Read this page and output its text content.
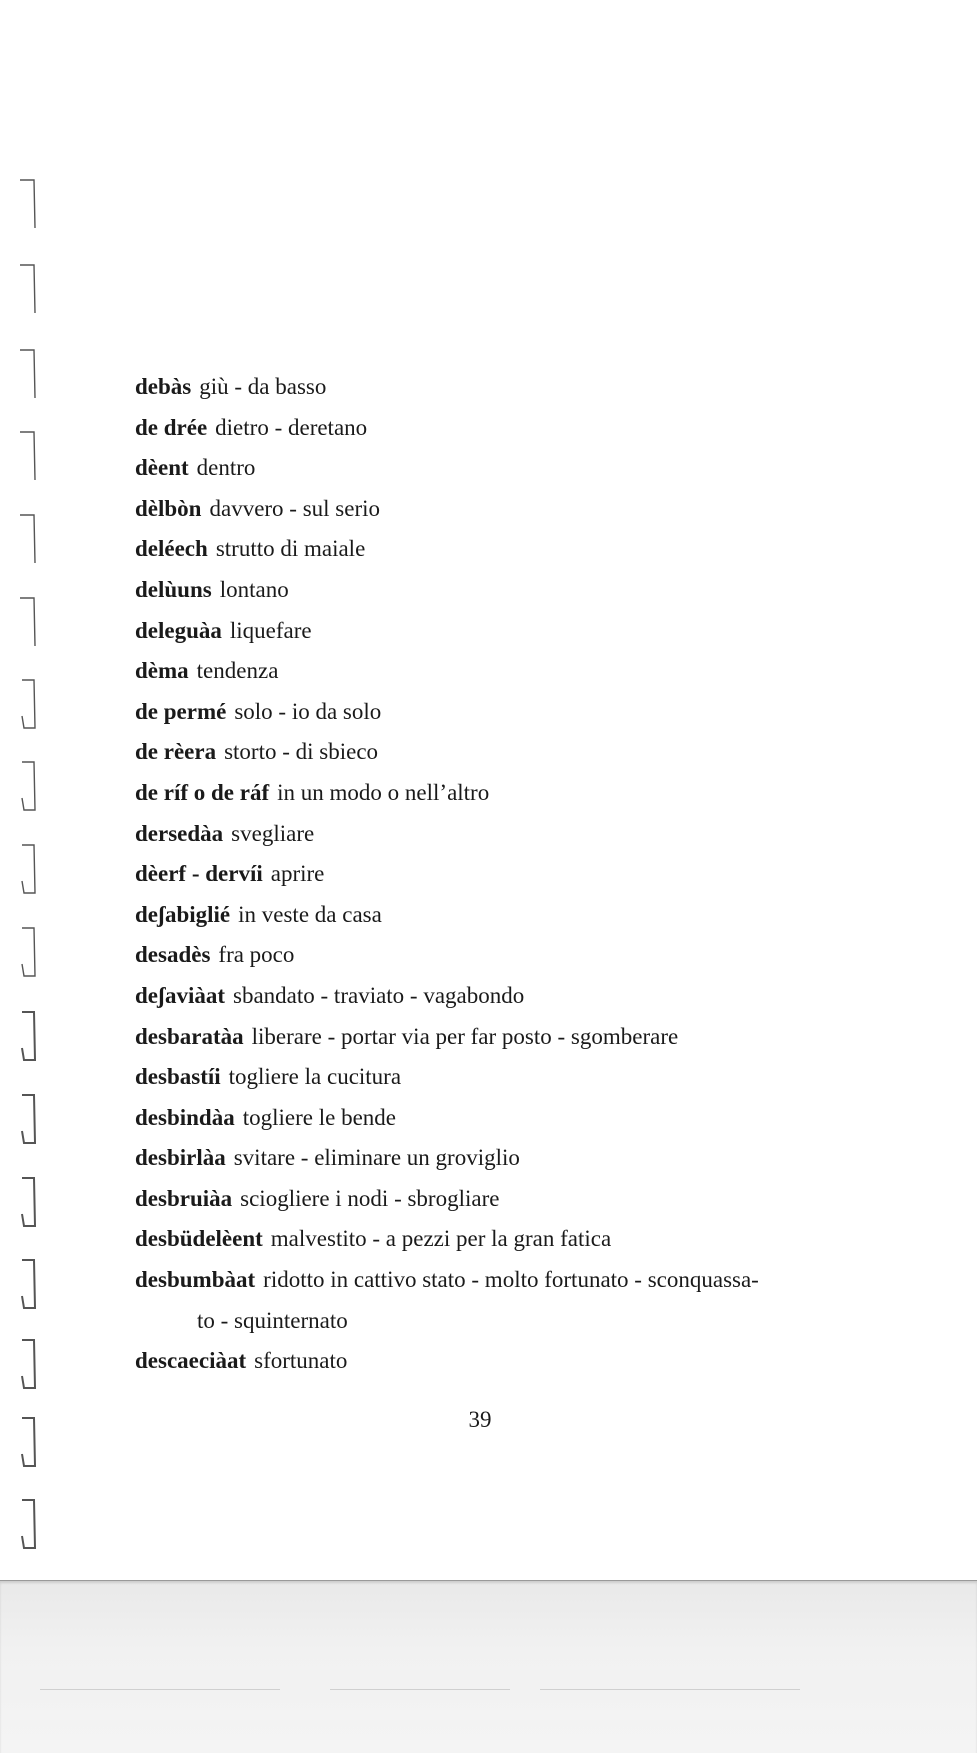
debàs giù - da basso
de drée dietro - deretano
dèent dentro
dèlbòn davvero - sul serio
deléech strutto di maiale
delùuns lontano
deleguàa liquefare
dèma tendenza
de permé solo - io da solo
de rèera storto - di sbieco
de ríf o de ráf in un modo o nell’altro
dersedàa svegliare
dèerf - dervíi aprire
deʃabiglié in veste da casa
desadès fra poco
deʃaviàat sbandato - traviato - vagabondo
desbaratàa liberare - portar via per far posto - sgomberare
desbastíi togliere la cucitura
desbindàa togliere le bende
desbirlàa svitare - eliminare un groviglio
desbruiàa sciogliere i nodi - sbrogliare
desbüdelèent malvestito - a pezzi per la gran fatica
desbumbàat ridotto in cattivo stato - molto fortunato - sconquassa-
to - squinternato
descaeciàat sfortunato
39
